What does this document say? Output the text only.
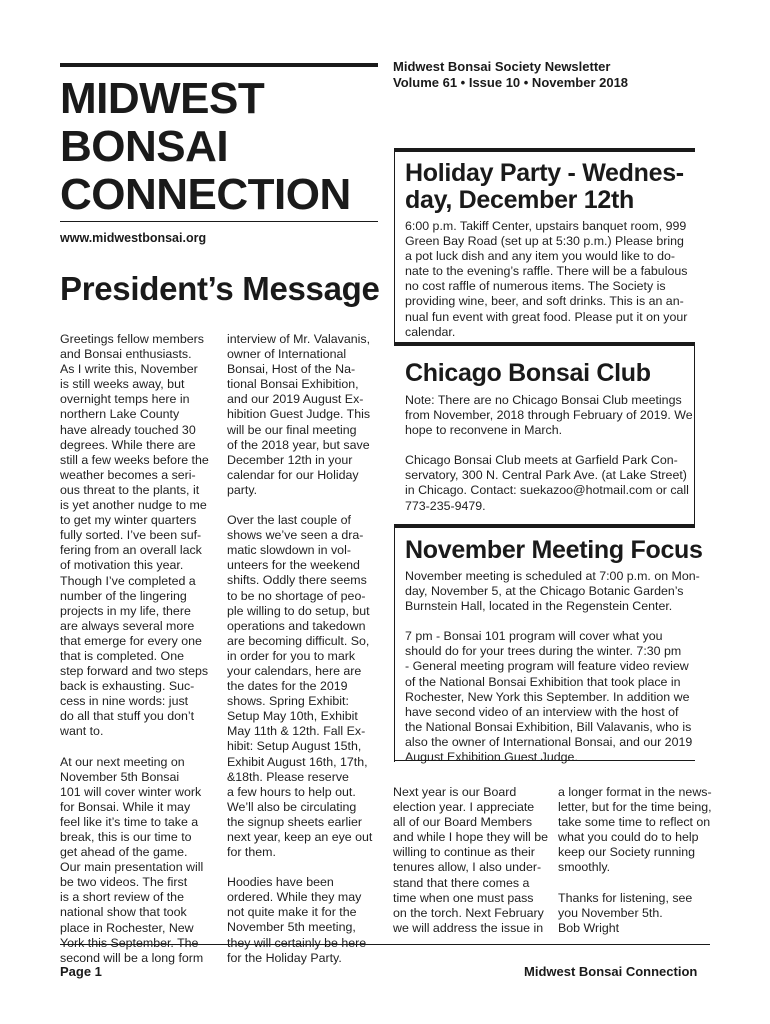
MIDWEST
BONSAI
CONNECTION
www.midwestbonsai.org
Midwest Bonsai Society Newsletter
Volume 61 • Issue 10 • November 2018
President’s Message
Greetings fellow members
and Bonsai enthusiasts.
As I write this, November
is still weeks away, but
overnight temps here in
northern Lake County
have already touched 30
degrees. While there are
still a few weeks before the
weather becomes a seri-
ous threat to the plants, it
is yet another nudge to me
to get my winter quarters
fully sorted. I’ve been suf-
fering from an overall lack
of motivation this year.
Though I’ve completed a
number of the lingering
projects in my life, there
are always several more
that emerge for every one
that is completed. One
step forward and two steps
back is exhausting. Suc-
cess in nine words: just
do all that stuff you don’t
want to.
At our next meeting on
November 5th Bonsai
101 will cover winter work
for Bonsai. While it may
feel like it’s time to take a
break, this is our time to
get ahead of the game.
Our main presentation will
be two videos. The first
is a short review of the
national show that took
place in Rochester, New
York this September. The
second will be a long form
interview of Mr. Valavanis,
owner of International
Bonsai, Host of the Na-
tional Bonsai Exhibition,
and our 2019 August Ex-
hibition Guest Judge. This
will be our final meeting
of the 2018 year, but save
December 12th in your
calendar for our Holiday
party.
Over the last couple of
shows we’ve seen a dra-
matic slowdown in vol-
unteers for the weekend
shifts. Oddly there seems
to be no shortage of peo-
ple willing to do setup, but
operations and takedown
are becoming difficult. So,
in order for you to mark
your calendars, here are
the dates for the 2019
shows. Spring Exhibit:
Setup May 10th, Exhibit
May 11th & 12th. Fall Ex-
hibit: Setup August 15th,
Exhibit August 16th, 17th,
&18th. Please reserve
a few hours to help out.
We’ll also be circulating
the signup sheets earlier
next year, keep an eye out
for them.
Hoodies have been
ordered. While they may
not quite make it for the
November 5th meeting,
they will certainly be here
for the Holiday Party.
Next year is our Board
election year. I appreciate
all of our Board Members
and while I hope they will be
willing to continue as their
tenures allow, I also under-
stand that there comes a
time when one must pass
on the torch. Next February
we will address the issue in
a longer format in the news-
letter, but for the time being,
take some time to reflect on
what you could do to help
keep our Society running
smoothly.
Thanks for listening, see
you November 5th.
Bob Wright
Holiday Party - Wednes-
day, December 12th
6:00 p.m. Takiff Center, upstairs banquet room, 999
Green Bay Road (set up at 5:30 p.m.) Please bring
a pot luck dish and any item you would like to do-
nate to the evening’s raffle. There will be a fabulous
no cost raffle of numerous items. The Society is
providing wine, beer, and soft drinks. This is an an-
nual fun event with great food. Please put it on your
calendar.
Chicago Bonsai Club
Note: There are no Chicago Bonsai Club meetings
from November, 2018 through February of 2019. We
hope to reconvene in March.
Chicago Bonsai Club meets at Garfield Park Con-
servatory, 300 N. Central Park Ave. (at Lake Street)
in Chicago. Contact: suekazoo@hotmail.com or call
773-235-9479.
November Meeting Focus
November meeting is scheduled at 7:00 p.m. on Mon-
day, November 5, at the Chicago Botanic Garden’s
Burnstein Hall, located in the Regenstein Center.
7 pm - Bonsai 101 program will cover what you
should do for your trees during the winter. 7:30 pm
- General meeting program will feature video review
of the National Bonsai Exhibition that took place in
Rochester, New York this September. In addition we
have second video of an interview with the host of
the National Bonsai Exhibition, Bill Valavanis, who is
also the owner of International Bonsai, and our 2019
August Exhibition Guest Judge.
Page 1	Midwest Bonsai Connection
